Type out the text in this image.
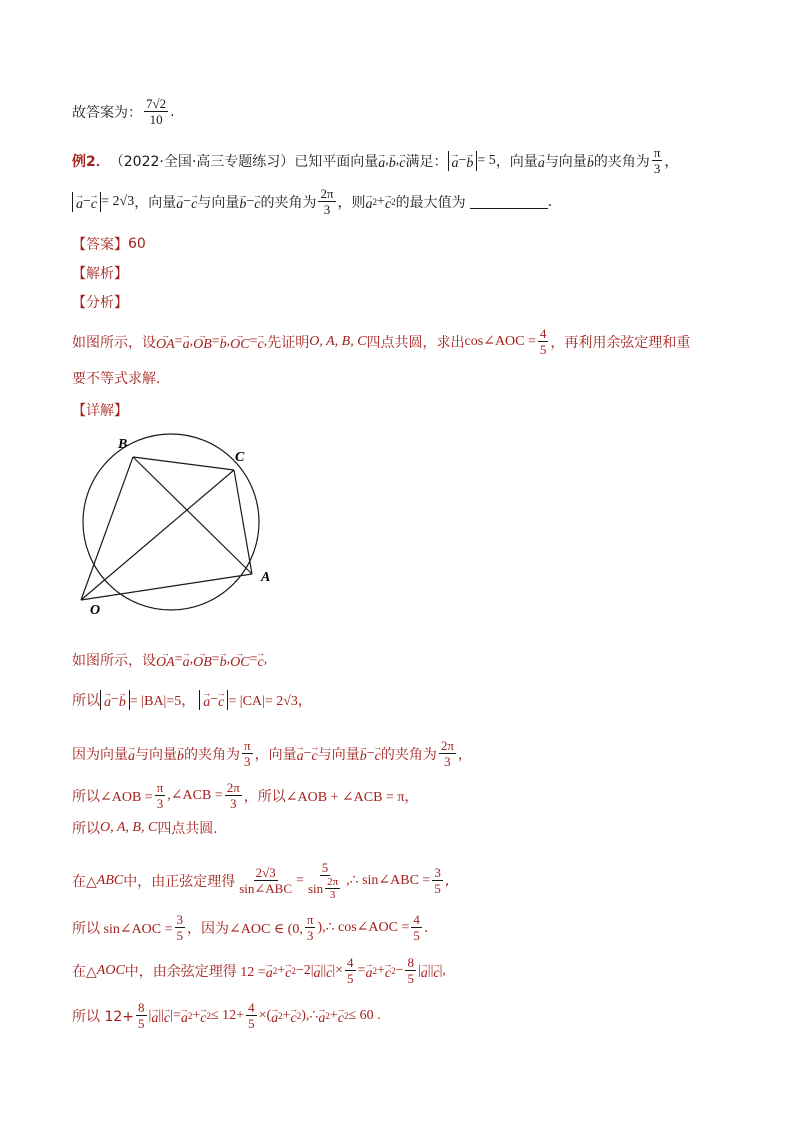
故答案为： $\frac{7√2}{10}$ .
例2． （2022·全国·高三专题练习） 已知平面向量 → a , → b , → c 满足： → a − → b = 5 ，向量 → a 与向量 → b 的夹角为 $\frac{\pi}{3}$ ，
→ a − → c = 2√3 ，向量 → a − → c 与向量 → b − → c 的夹角为 $\frac{2\pi}{3}$ ，则 → a 2 + → c 2 的最大值为	.
【答案】 60
【解析】
【分析】
如图所示，设 → OA = → a , → OB = → b , → OC = → c , 先证明 O, A, B, C 四点共圆，求出 cos∠AOC = $\frac{4}{5}$ ，再利用余弦定理和重
要不等式求解.
【详解】
B
C
A
O
如图所示，设 → OA = → a , → OB = → b , → OC = → c ,
所以 → a − → b = |BA|=5， → a − → c = |CA|= 2√3，
因为向量 → a 与向量 → b 的夹角为 $\frac{\pi}{3}$ ，向量 → a − → c 与向量 → b − → c 的夹角为 $\frac{2\pi}{3}$ ，
所以∠AOB = $\frac{\pi}{3}$ ,∠ACB = $\frac{2\pi}{3}$ ，所以∠AOB + ∠ACB = π，
所以 O, A, B, C 四点共圆.
在△ ABC 中，由正弦定理得 $\frac{2√3}{\text{sin∠ABC}} = \frac{5}{\sin \frac{2\pi}{3}}$ ,∴ sin∠ABC = $\frac{3}{5}$ ,
所以 sin∠AOC = $\frac{3}{5}$ ，因为∠AOC ∈ (0, $\frac{\pi}{3}$ ),∴ cos∠AOC = $\frac{4}{5}$ .
在△ AOC 中，由余弦定理得 12 = → a 2 + → c 2 −2| → a || → c |× $\frac{4}{5}$ = → a 2 + → c $2 - \frac{8}{5}$ | → a || → c |,
所以 $12+ \frac{8}{5}$ | → a || → c |= → a 2 + → c $2 \le 12+ \frac{4}{5}$ ×( → a 2 + → c 2 ),∴ → a 2 + → c 2 ≤ 60 .
